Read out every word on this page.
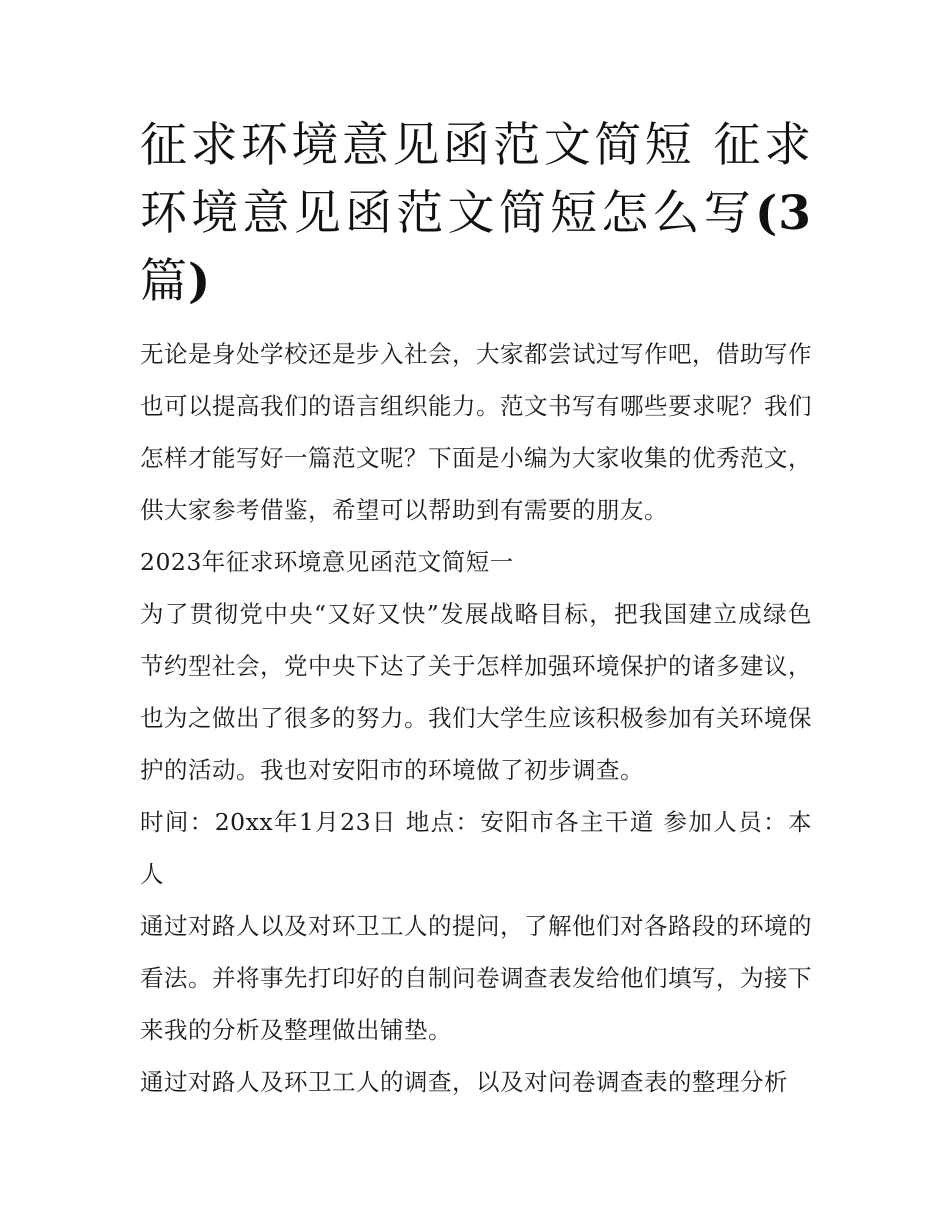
征求环境意见函范文简短 征求环境意见函范文简短怎么写(3篇)

无论是身处学校还是步入社会，大家都尝试过写作吧，借助写作也可以提高我们的语言组织能力。范文书写有哪些要求呢？我们怎样才能写好一篇范文呢？下面是小编为大家收集的优秀范文，供大家参考借鉴，希望可以帮助到有需要的朋友。

2023年征求环境意见函范文简短一

为了贯彻党中央“又好又快”发展战略目标，把我国建立成绿色节约型社会，党中央下达了关于怎样加强环境保护的诸多建议，也为之做出了很多的努力。我们大学生应该积极参加有关环境保护的活动。我也对安阳市的环境做了初步调查。

时间：20xx年1月23日 地点：安阳市各主干道 参加人员：本人

通过对路人以及对环卫工人的提问，了解他们对各路段的环境的看法。并将事先打印好的自制问卷调查表发给他们填写，为接下来我的分析及整理做出铺垫。

通过对路人及环卫工人的调查，以及对问卷调查表的整理分析
